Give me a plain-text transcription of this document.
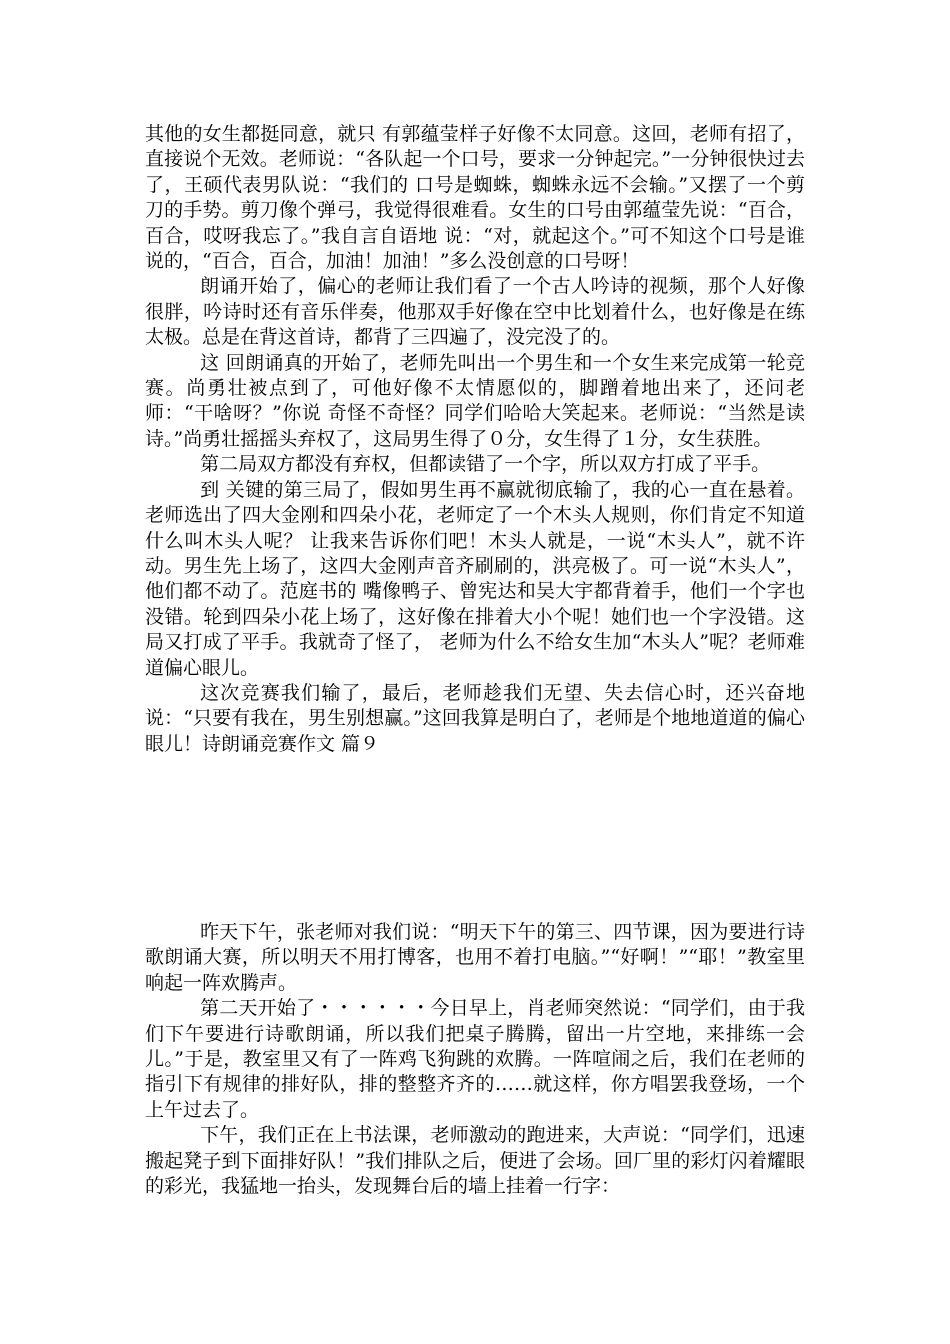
其他的女生都挺同意，就只 有郭蕴莹样子好像不太同意。这回，老师有招了，直接说个无效。老师说：“各队起一个口号，要求一分钟起完。”一分钟很快过去了，王硕代表男队说：“我们的 口号是蜘蛛，蜘蛛永远不会输。”又摆了一个剪刀的手势。剪刀像个弹弓，我觉得很难看。女生的口号由郭蕴莹先说：“百合，百合，哎呀我忘了。”我自言自语地 说：“对，就起这个。”可不知这个口号是谁说的，“百合，百合，加油！加油！”多么没创意的口号呀！

朗诵开始了，偏心的老师让我们看了一个古人吟诗的视频，那个人好像很胖，吟诗时还有音乐伴奏，他那双手好像在空中比划着什么，也好像是在练太极。总是在背这首诗，都背了三四遍了，没完没了的。

这 回朗诵真的开始了，老师先叫出一个男生和一个女生来完成第一轮竞赛。尚勇壮被点到了，可他好像不太情愿似的，脚蹭着地出来了，还问老师：“干啥呀？”你说 奇怪不奇怪？同学们哈哈大笑起来。老师说：“当然是读诗。”尚勇壮摇摇头弃权了，这局男生得了０分，女生得了１分，女生获胜。

第二局双方都没有弃权，但都读错了一个字，所以双方打成了平手。

到 关键的第三局了，假如男生再不赢就彻底输了，我的心一直在悬着。老师选出了四大金刚和四朵小花，老师定了一个木头人规则，你们肯定不知道什么叫木头人呢？ 让我来告诉你们吧！木头人就是，一说“木头人”，就不许动。男生先上场了，这四大金刚声音齐刷刷的，洪亮极了。可一说“木头人”，他们都不动了。范庭书的 嘴像鸭子、曾宪达和吴大宇都背着手，他们一个字也没错。轮到四朵小花上场了，这好像在排着大小个呢！她们也一个字没错。这局又打成了平手。我就奇了怪了， 老师为什么不给女生加“木头人”呢？老师难道偏心眼儿。

这次竞赛我们输了，最后，老师趁我们无望、失去信心时，还兴奋地说：“只要有我在，男生别想赢。”这回我算是明白了，老师是个地地道道的偏心眼儿！诗朗诵竞赛作文 篇９

昨天下午，张老师对我们说：“明天下午的第三、四节课，因为要进行诗歌朗诵大赛，所以明天不用打博客，也用不着打电脑。”“好啊！”“耶！”教室里响起一阵欢腾声。

第二天开始了・・・・・・今日早上，肖老师突然说：“同学们，由于我们下午要进行诗歌朗诵，所以我们把桌子腾腾，留出一片空地，来排练一会儿。”于是，教室里又有了一阵鸡飞狗跳的欢腾。一阵喧闹之后，我们在老师的指引下有规律的排好队，排的整整齐齐的……就这样，你方唱罢我登场，一个上午过去了。

下午，我们正在上书法课，老师激动的跑进来，大声说：“同学们，迅速搬起凳子到下面排好队！”我们排队之后，便进了会场。回厂里的彩灯闪着耀眼的彩光，我猛地一抬头，发现舞台后的墙上挂着一行字：
